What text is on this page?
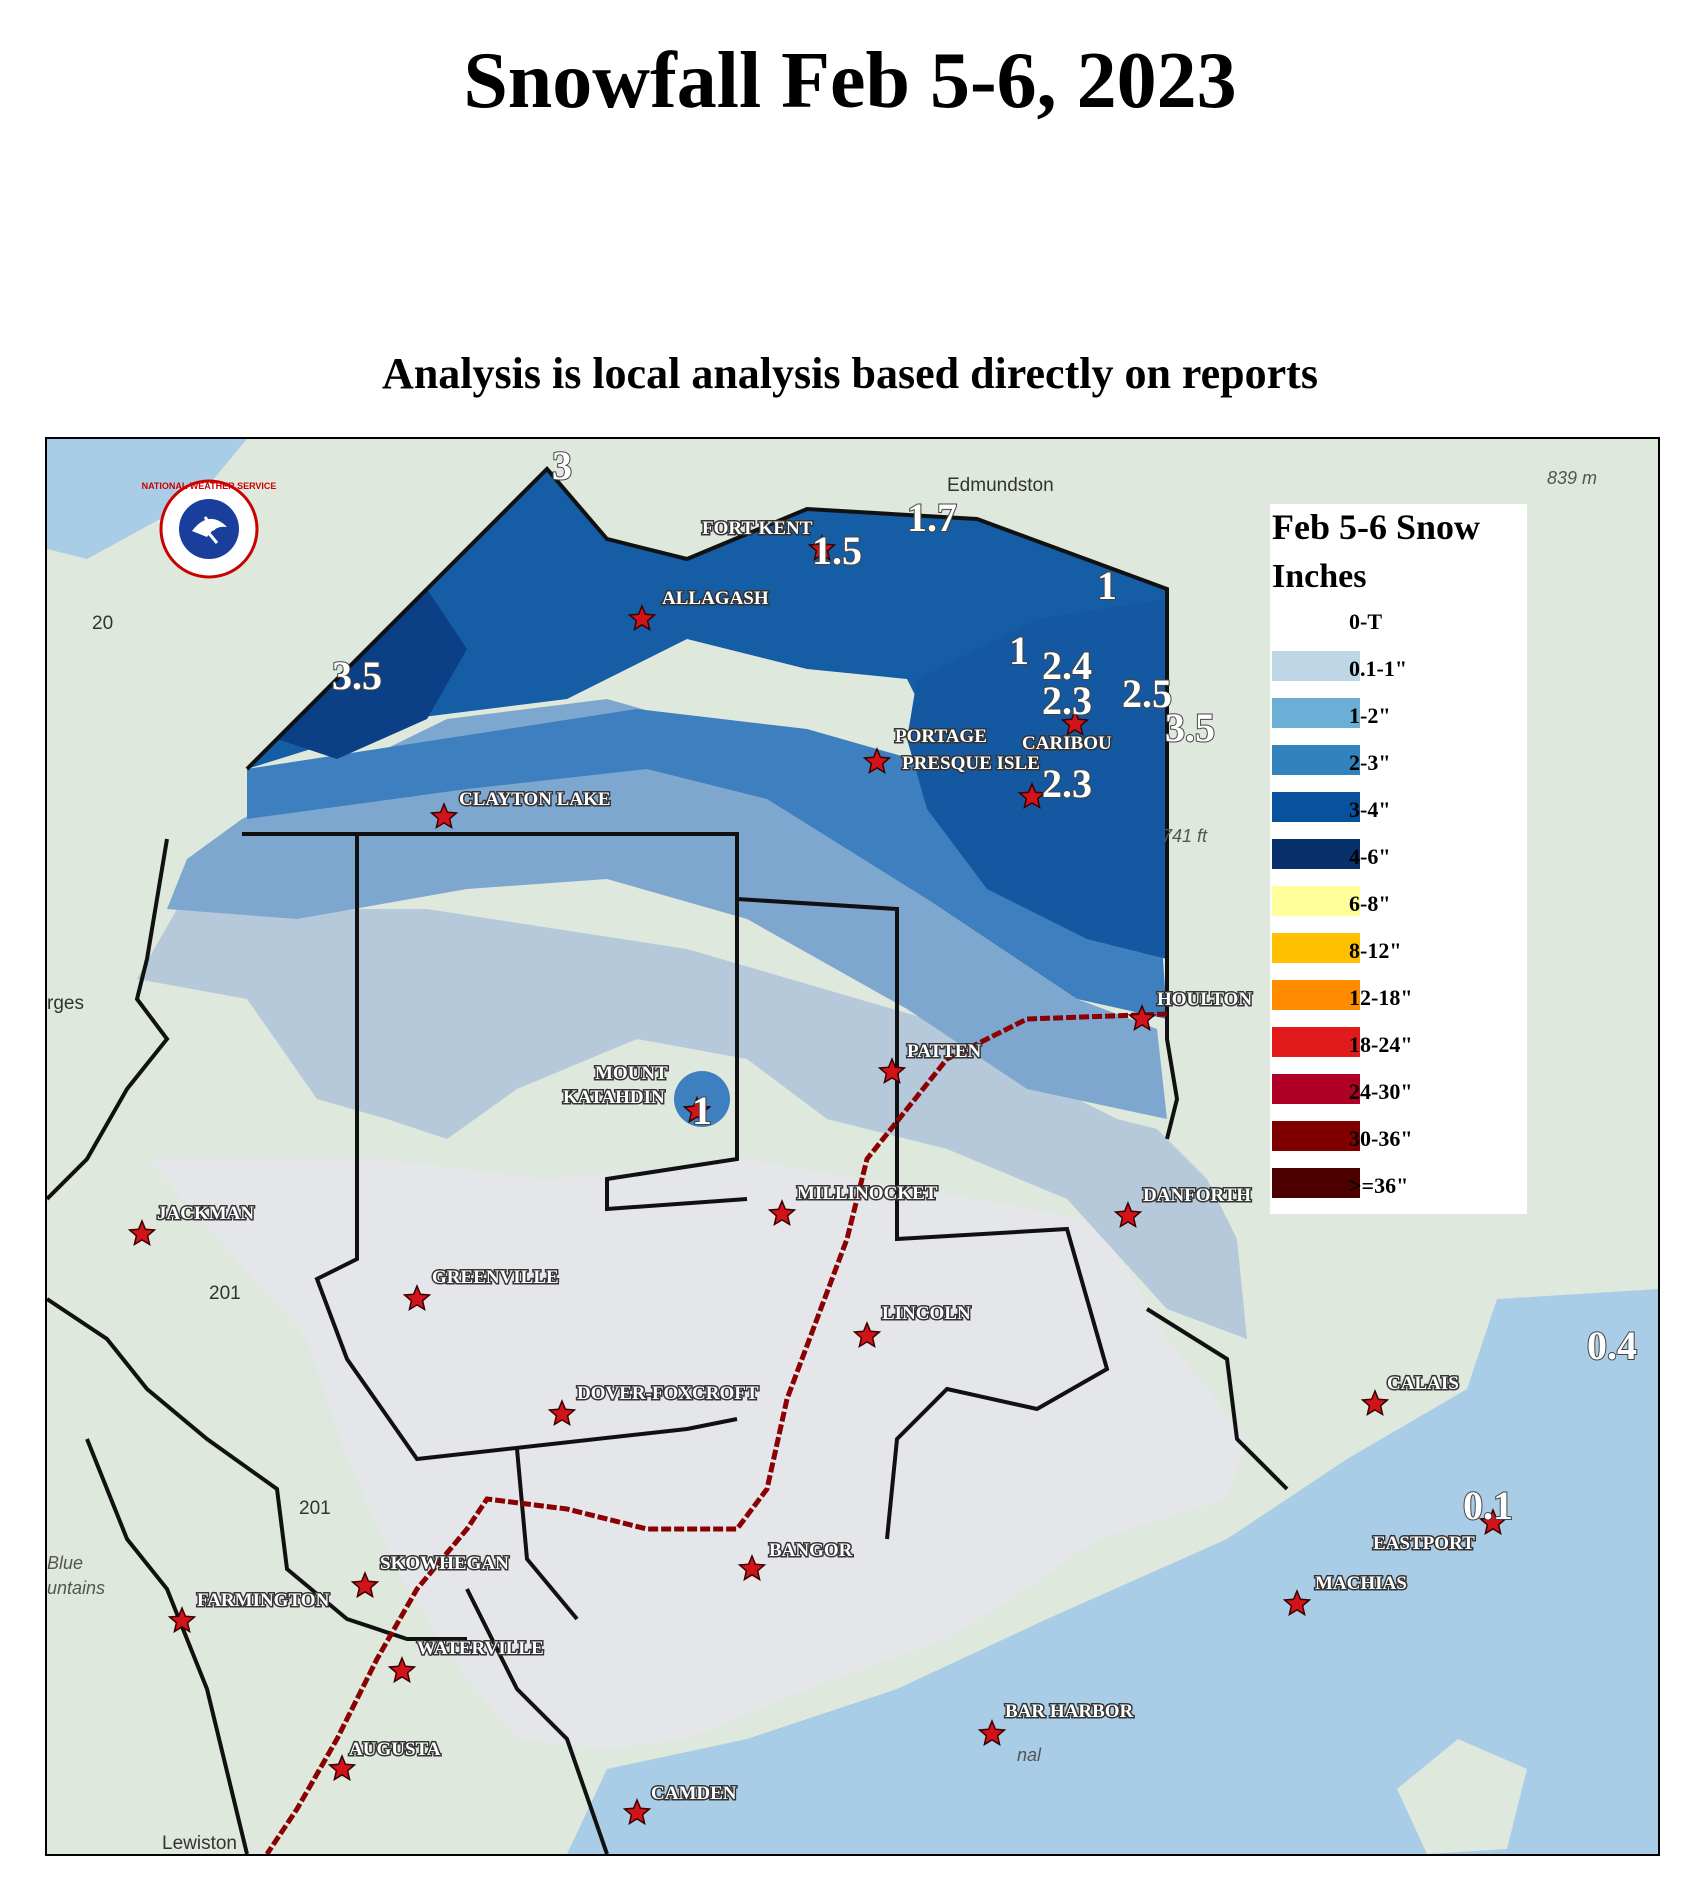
Snowfall Feb 5-6, 2023
Analysis is local analysis based directly on reports
Edmundston	839 m
20
rges
741 ft
201
201
Blue
untains
Lewiston
nal
NATIONAL WEATHER SERVICE
FORT KENT
ALLAGASH
PORTAGE CARIBOU
PRESQUE ISLE
CLAYTON LAKE
HOULTON
PATTEN
MOUNT
KATAHDIN
JACKMAN
MILLINOCKET	DANFORTH
GREENVILLE
LINCOLN
DOVER-FOXCROFT	CALAIS
SKOWHEGAN
BANGOR	EASTPORT
FARMINGTON
MACHIAS
WATERVILLE
BAR HARBOR
AUGUSTA
CAMDEN
3
1.7
1.5
1
3.5
1 2.4
2.3 2.5
3.5
2.3
1
0.4
0.1
Feb 5-6 Snow
Inches
0-T
0.1-1"
1-2"
2-3"
3-4"
4-6"
6-8"
8-12"
12-18"
18-24"
24-30"
30-36"
>=36"
